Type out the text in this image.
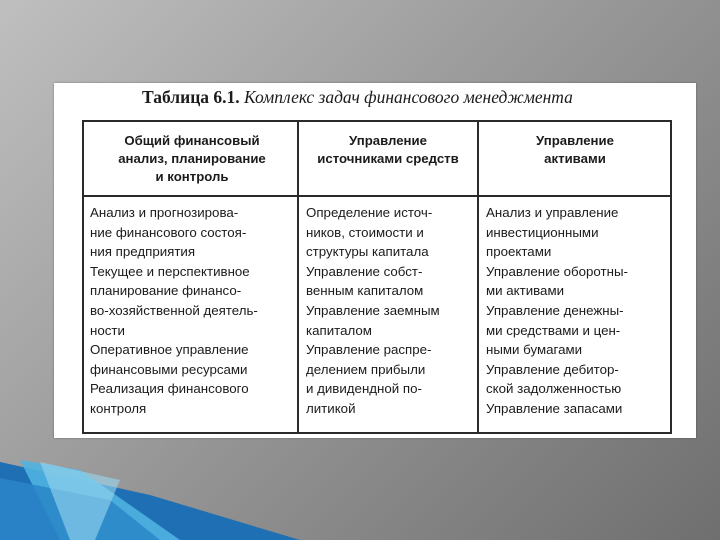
Таблица 6.1. Комплекс задач финансового менеджмента
Общий финансовый
анализ, планирование
и контроль
Управление
источниками средств
Управление
активами
Анализ и прогнозирова-
ние финансового состоя-
ния предприятия
Текущее и перспективное
планирование финансо-
во-хозяйственной деятель-
ности
Оперативное управление
финансовыми ресурсами
Реализация финансового
контроля
Определение источ-
ников, стоимости и
структуры капитала
Управление собст-
венным капиталом
Управление заемным
капиталом
Управление распре-
делением прибыли
и дивидендной по-
литикой
Анализ и управление
инвестиционными
проектами
Управление оборотны-
ми активами
Управление денежны-
ми средствами и цен-
ными бумагами
Управление дебитор-
ской задолженностью
Управление запасами
